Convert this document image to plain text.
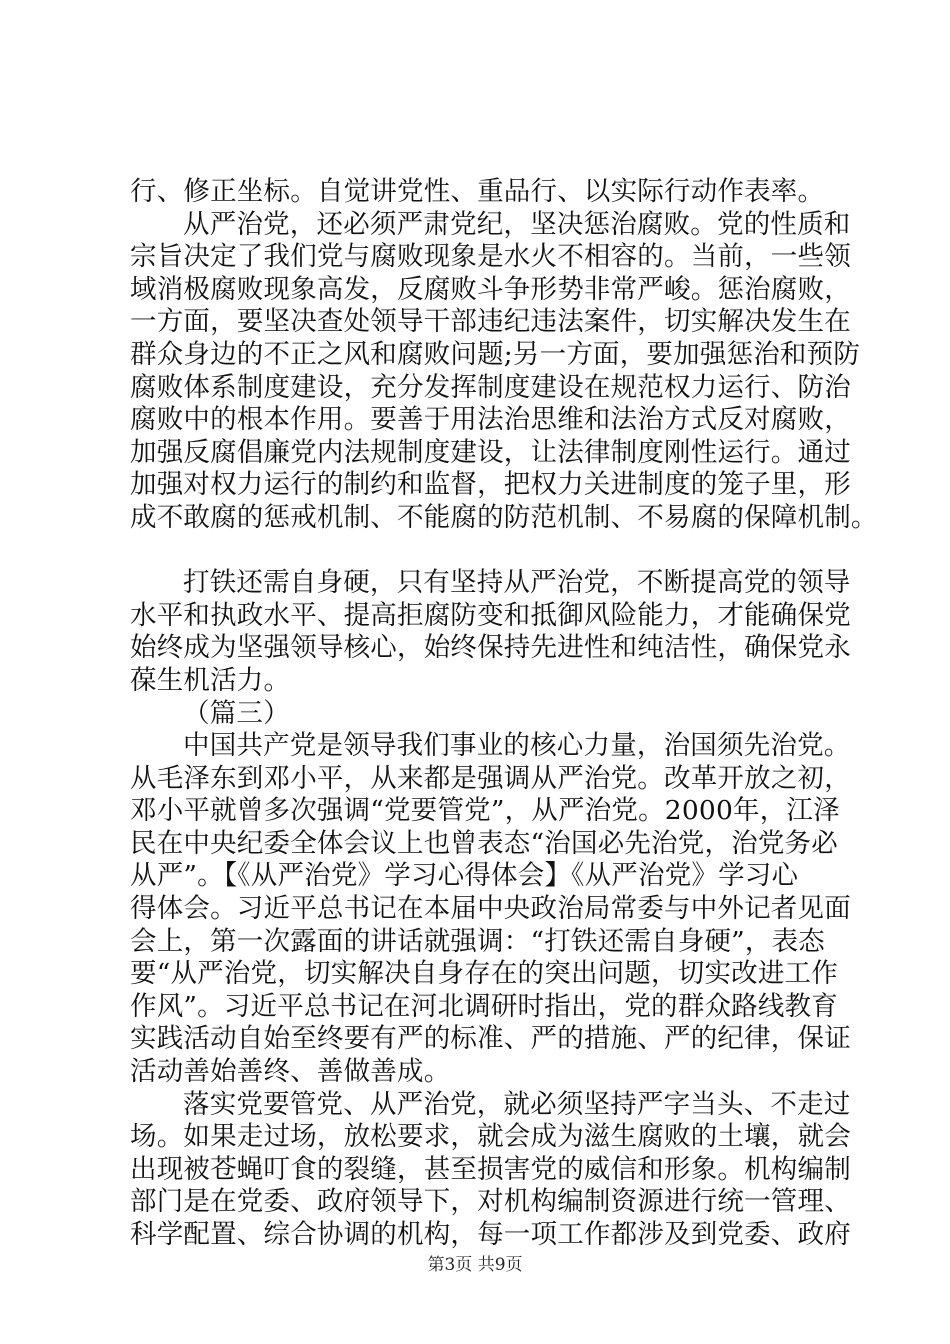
行、修正坐标。自觉讲党性、重品行、以实际行动作表率。
从严治党，还必须严肃党纪，坚决惩治腐败。党的性质和
宗旨决定了我们党与腐败现象是水火不相容的。当前，一些领
域消极腐败现象高发，反腐败斗争形势非常严峻。惩治腐败，
一方面，要坚决查处领导干部违纪违法案件，切实解决发生在
群众身边的不正之风和腐败问题;另一方面，要加强惩治和预防
腐败体系制度建设，充分发挥制度建设在规范权力运行、防治
腐败中的根本作用。要善于用法治思维和法治方式反对腐败，
加强反腐倡廉党内法规制度建设，让法律制度刚性运行。通过
加强对权力运行的制约和监督，把权力关进制度的笼子里，形
成不敢腐的惩戒机制、不能腐的防范机制、不易腐的保障机制。
打铁还需自身硬，只有坚持从严治党，不断提高党的领导
水平和执政水平、提高拒腐防变和抵御风险能力，才能确保党
始终成为坚强领导核心，始终保持先进性和纯洁性，确保党永
葆生机活力。
（篇三）
中国共产党是领导我们事业的核心力量，治国须先治党。
从毛泽东到邓小平，从来都是强调从严治党。改革开放之初，
邓小平就曾多次强调“党要管党”，从严治党。2000年，江泽
民在中央纪委全体会议上也曾表态“治国必先治党，治党务必
从严”。【《从严治党》学习心得体会】《从严治党》学习心
得体会。习近平总书记在本届中央政治局常委与中外记者见面
会上，第一次露面的讲话就强调：“打铁还需自身硬”，表态
要“从严治党，切实解决自身存在的突出问题，切实改进工作
作风”。习近平总书记在河北调研时指出，党的群众路线教育
实践活动自始至终要有严的标准、严的措施、严的纪律，保证
活动善始善终、善做善成。
落实党要管党、从严治党，就必须坚持严字当头、不走过
场。如果走过场，放松要求，就会成为滋生腐败的土壤，就会
出现被苍蝇叮食的裂缝，甚至损害党的威信和形象。机构编制
部门是在党委、政府领导下，对机构编制资源进行统一管理、
科学配置、综合协调的机构，每一项工作都涉及到党委、政府
第3页 共9页
